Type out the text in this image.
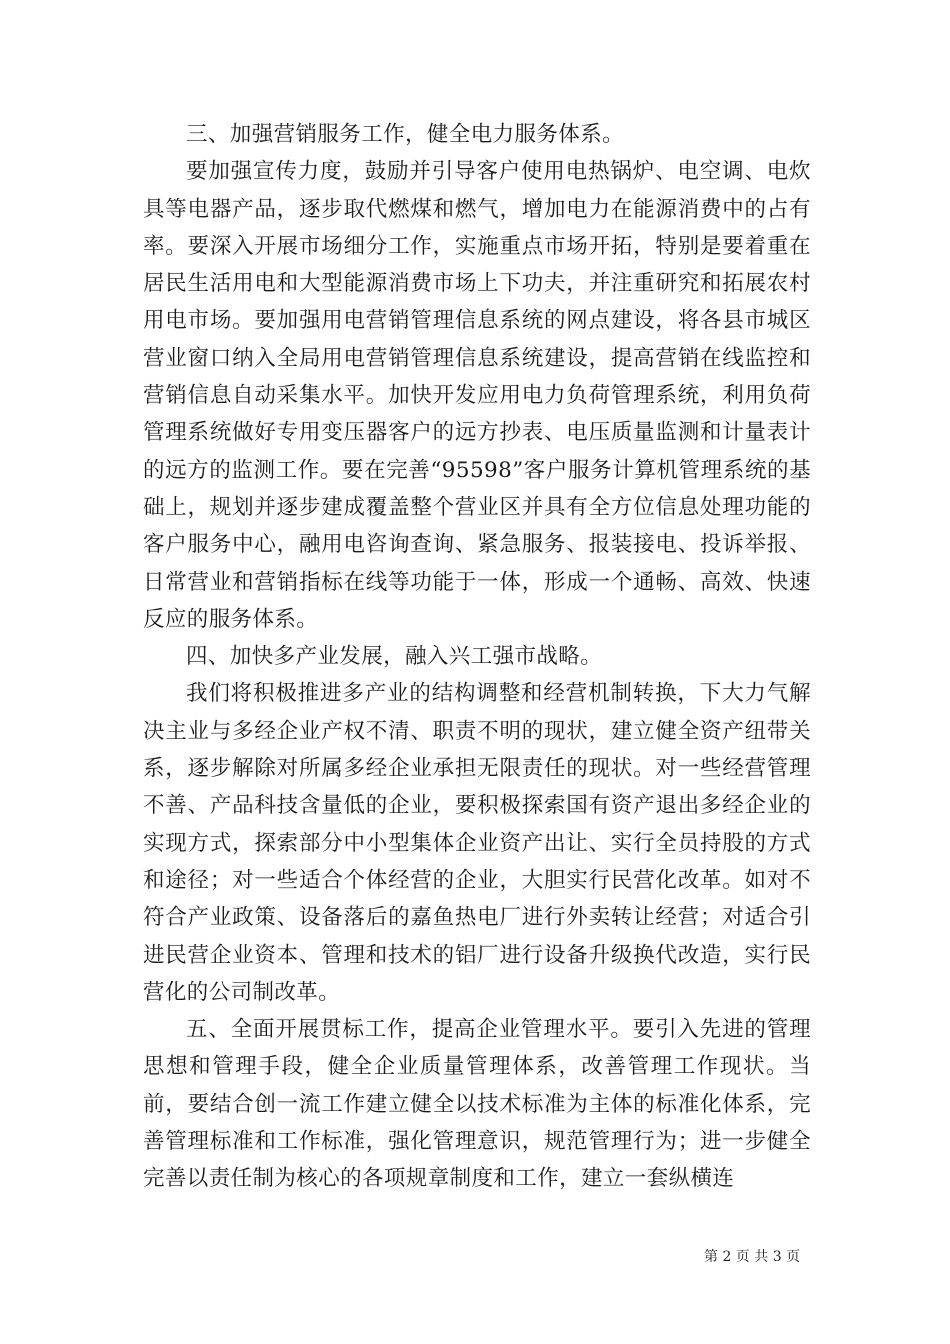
三、加强营销服务工作，健全电力服务体系。

要加强宣传力度，鼓励并引导客户使用电热锅炉、电空调、电炊具等电器产品，逐步取代燃煤和燃气，增加电力在能源消费中的占有率。要深入开展市场细分工作，实施重点市场开拓，特别是要着重在居民生活用电和大型能源消费市场上下功夫，并注重研究和拓展农村用电市场。要加强用电营销管理信息系统的网点建设，将各县市城区营业窗口纳入全局用电营销管理信息系统建设，提高营销在线监控和营销信息自动采集水平。加快开发应用电力负荷管理系统，利用负荷管理系统做好专用变压器客户的远方抄表、电压质量监测和计量表计的远方的监测工作。要在完善“95598”客户服务计算机管理系统的基础上，规划并逐步建成覆盖整个营业区并具有全方位信息处理功能的客户服务中心，融用电咨询查询、紧急服务、报装接电、投诉举报、日常营业和营销指标在线等功能于一体，形成一个通畅、高效、快速反应的服务体系。

四、加快多产业发展，融入兴工强市战略。

我们将积极推进多产业的结构调整和经营机制转换，下大力气解决主业与多经企业产权不清、职责不明的现状，建立健全资产纽带关系，逐步解除对所属多经企业承担无限责任的现状。对一些经营管理不善、产品科技含量低的企业，要积极探索国有资产退出多经企业的实现方式，探索部分中小型集体企业资产出让、实行全员持股的方式和途径；对一些适合个体经营的企业，大胆实行民营化改革。如对不符合产业政策、设备落后的嘉鱼热电厂进行外卖转让经营；对适合引进民营企业资本、管理和技术的铝厂进行设备升级换代改造，实行民营化的公司制改革。

五、全面开展贯标工作，提高企业管理水平。要引入先进的管理思想和管理手段，健全企业质量管理体系，改善管理工作现状。当前，要结合创一流工作建立健全以技术标准为主体的标准化体系，完善管理标准和工作标准，强化管理意识，规范管理行为；进一步健全完善以责任制为核心的各项规章制度和工作，建立一套纵横连

第 2 页 共 3 页
